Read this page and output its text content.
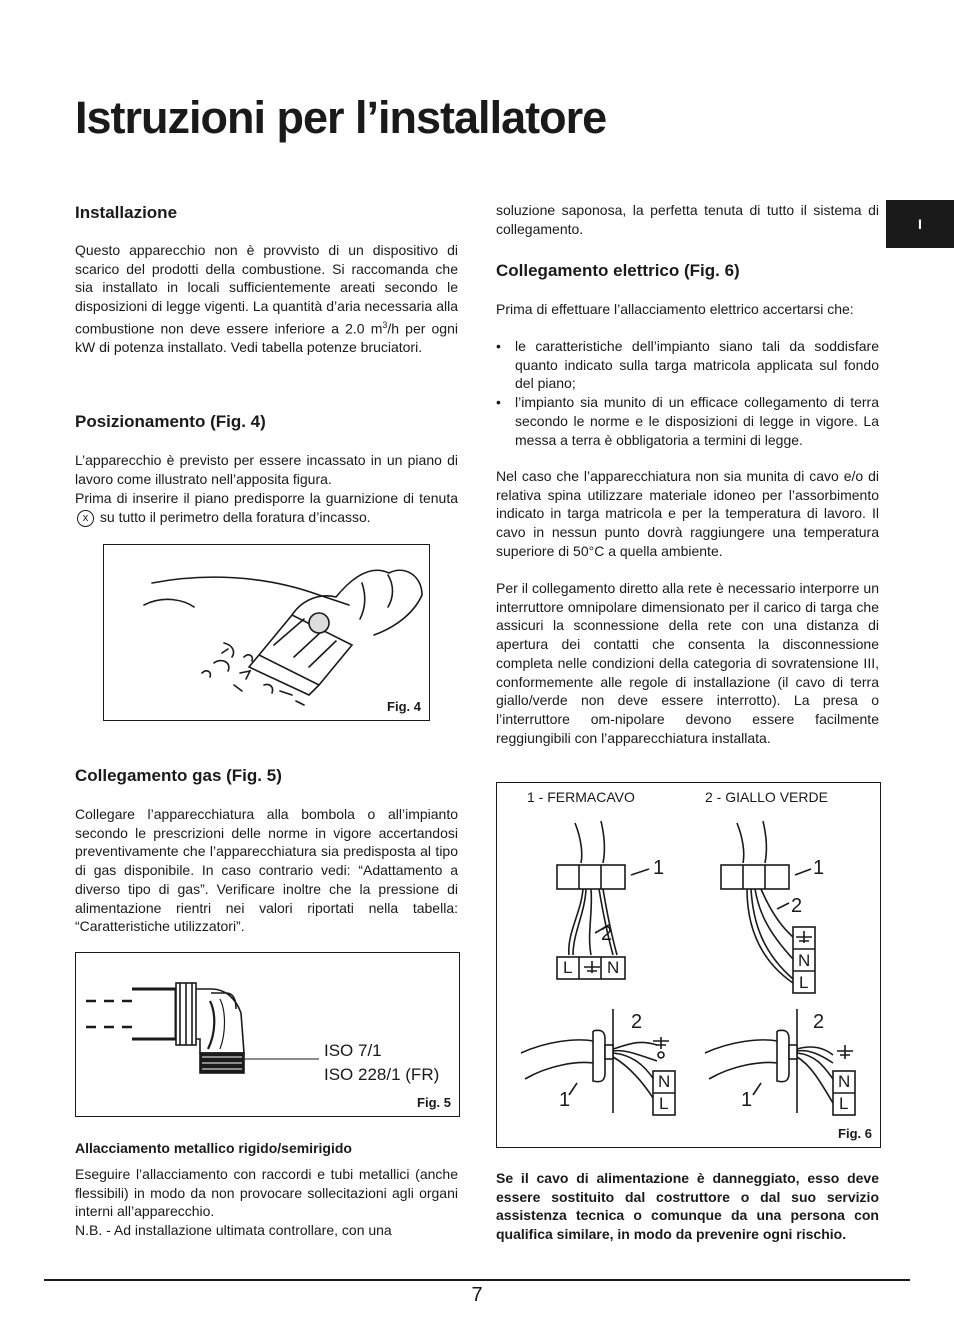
Istruzioni per l’installatore
I
Installazione

Questo apparecchio non è provvisto di un dispositivo di scarico del prodotti della combustione. Si raccomanda che sia installato in locali sufficientemente areati secondo le disposizioni di legge vigenti. La quantità d’aria necessaria alla combustione non deve essere inferiore a 2.0 $m^3/h$ per ogni kW di potenza installato. Vedi tabella potenze bruciatori.

Posizionamento (Fig. 4)

L’apparecchio è previsto per essere incassato in un piano di lavoro come illustrato nell’apposita figura.

Prima di inserire il piano predisporre la guarnizione di tenuta x su tutto il perimetro della foratura d’incasso.

Collegamento gas (Fig. 5)

Collegare l’apparecchiatura alla bombola o all’impianto secondo le prescrizioni delle norme in vigore accertandosi preventivamente che l’apparecchiatura sia predisposta al tipo di gas disponibile. In caso contrario vedi: “Adattamento a diverso tipo di gas”. Verificare inoltre che la pressione di alimentazione rientri nei valori riportati nella tabella: “Caratteristiche utilizzatori”.

Allacciamento metallico rigido/semirigido

Eseguire l’allacciamento con raccordi e tubi metallici (anche flessibili) in modo da non provocare sollecitazioni agli organi interni all’apparecchio.

N.B. - Ad installazione ultimata controllare, con una

Fig. 4
ISO 7/1
ISO 228/1 (FR)
Fig. 5

soluzione saponosa, la perfetta tenuta di tutto il sistema di collegamento.

Collegamento elettrico (Fig. 6)

Prima di effettuare l’allacciamento elettrico accertarsi che:

• le caratteristiche dell’impianto siano tali da soddisfare quanto indicato sulla targa matricola applicata sul fondo del piano;
• l’impianto sia munito di un efficace collegamento di terra secondo le norme e le disposizioni di legge in vigore. La messa a terra è obbligatoria a termini di legge.

Nel caso che l’apparecchiatura non sia munita di cavo e/o di relativa spina utilizzare materiale idoneo per l’assorbimento indicato in targa matricola e per la temperatura di lavoro. Il cavo in nessun punto dovrà raggiungere una temperatura superiore di 50°C a quella ambiente.

Per il collegamento diretto alla rete è necessario interporre un interruttore omnipolare dimensionato per il carico di targa che assicuri la sconnessione della rete con una distanza di apertura dei contatti che consenta la disconnessione completa nelle condizioni della categoria di sovratensione III, conformemente alle regole di installazione (il cavo di terra giallo/verde non deve essere interrotto). La presa o l’interruttore om-nipolare devono essere facilmente reggiungibili con l’apparecchiatura installata.

Se il cavo di alimentazione è danneggiato, esso deve essere sostituito dal costruttore o dal suo servizio assistenza tecnica o comunque da una persona con qualifica similare, in modo da prevenire ogni rischio.

1 - FERMACAVO	2 - GIALLO VERDE
1
2
L N
1
2
N
L
2
1
N
L
2
1
N
L
Fig. 6
7
